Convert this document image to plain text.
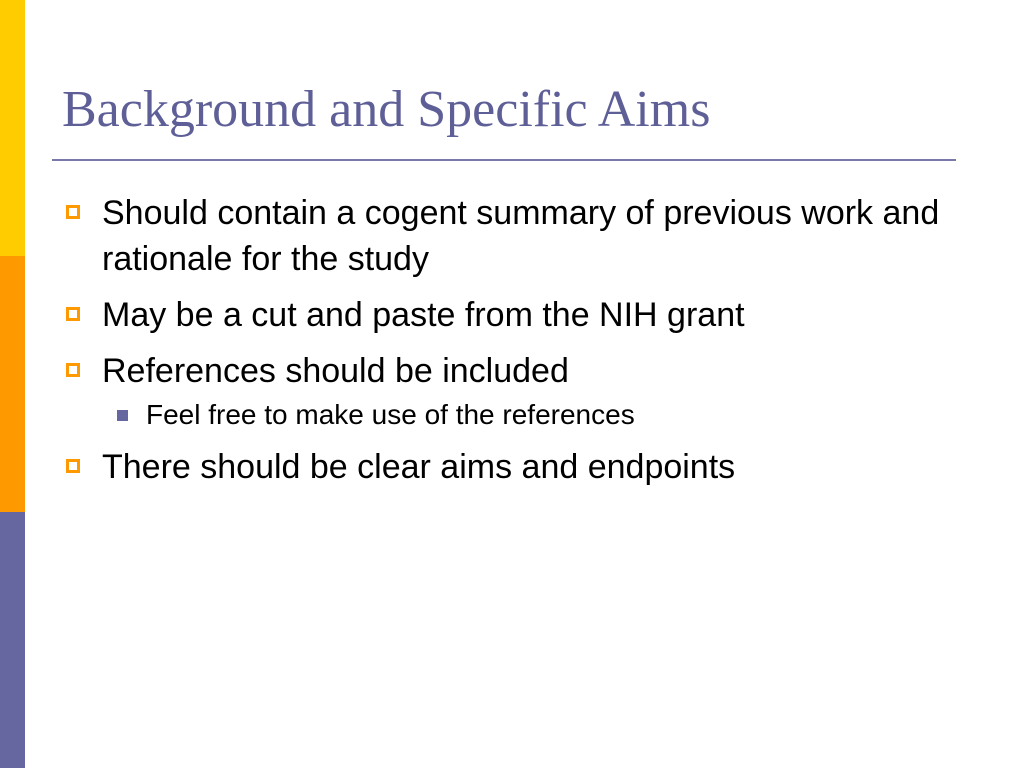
Background and Specific Aims
Should contain a cogent summary of previous work and rationale for the study
May be a cut and paste from the NIH grant
References should be included
Feel free to make use of the references
There should be clear aims and endpoints
